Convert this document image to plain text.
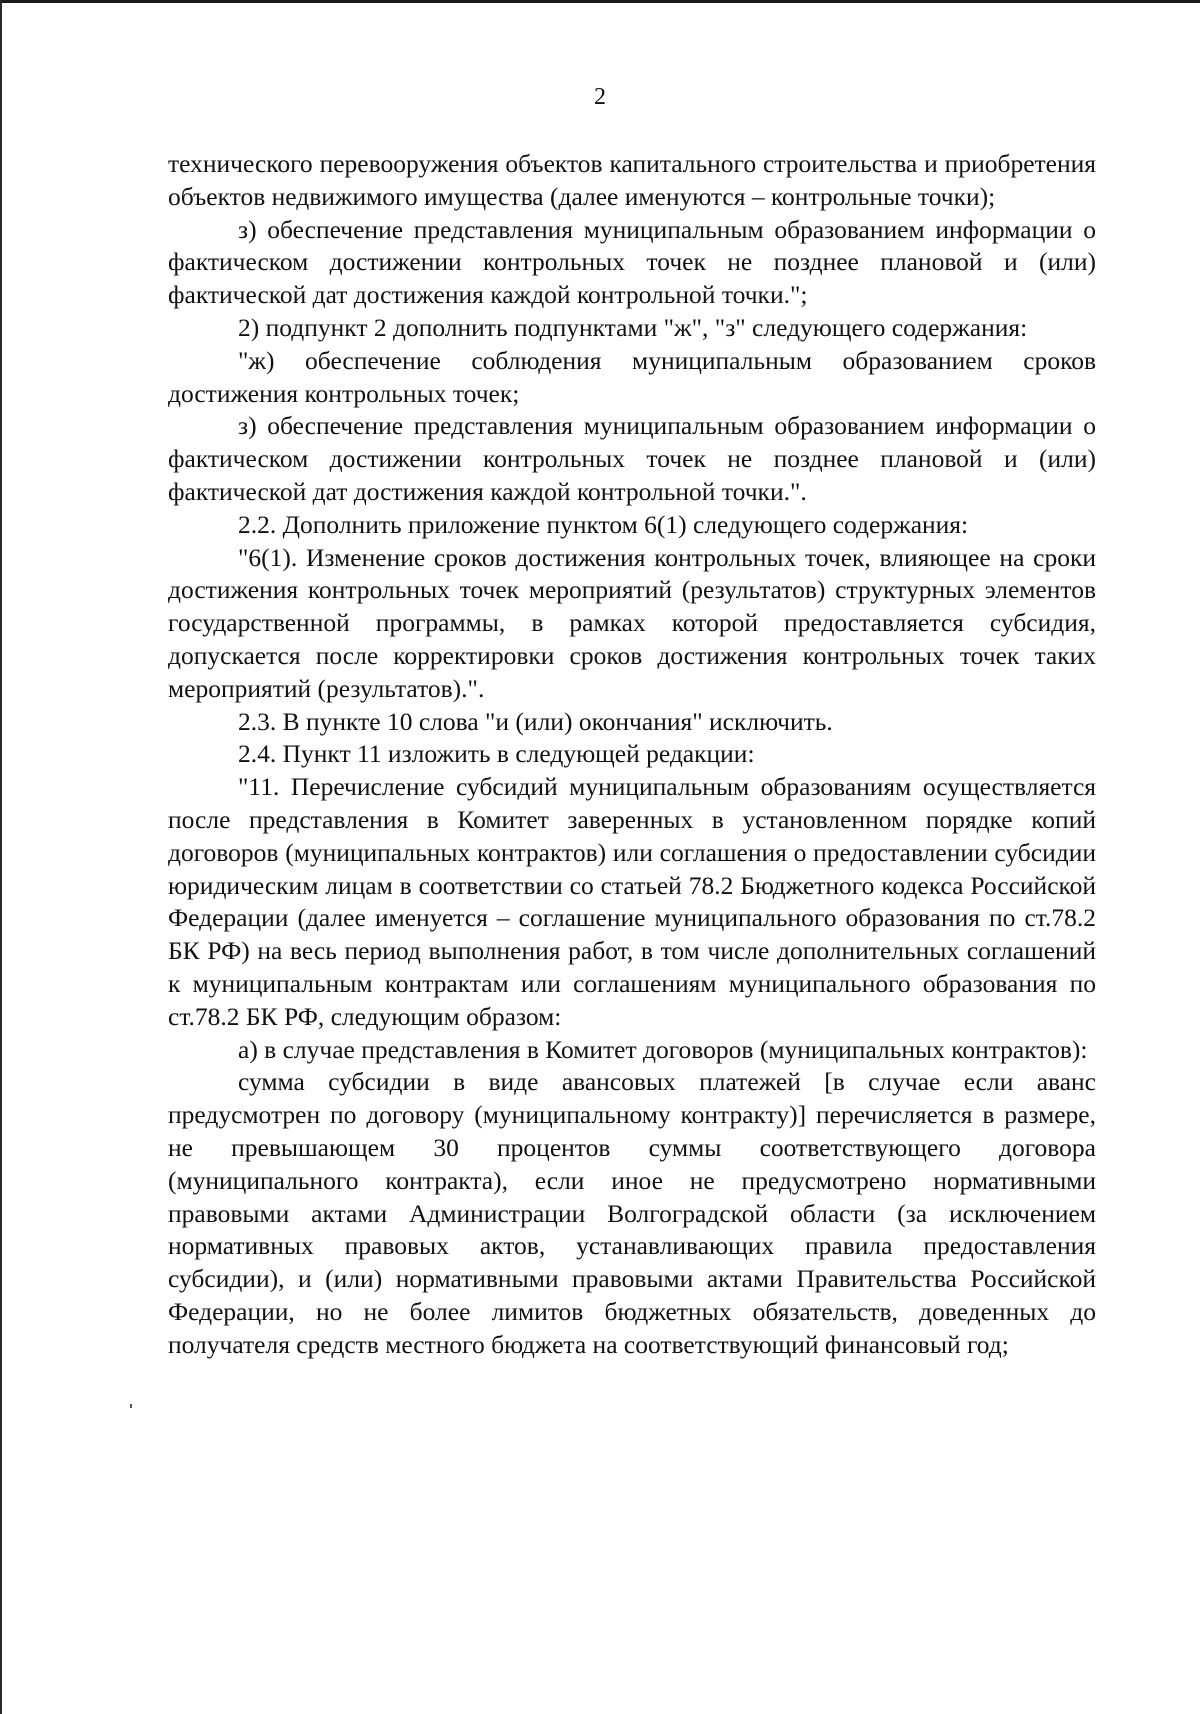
2

технического перевооружения объектов капитального строительства и приобретения объектов недвижимого имущества (далее именуются – контрольные точки);

з) обеспечение представления муниципальным образованием информации о фактическом достижении контрольных точек не позднее плановой и (или) фактической дат достижения каждой контрольной точки.";

2) подпункт 2 дополнить подпунктами "ж", "з" следующего содержания:

"ж) обеспечение соблюдения муниципальным образованием сроков достижения контрольных точек;

з) обеспечение представления муниципальным образованием информации о фактическом достижении контрольных точек не позднее плановой и (или) фактической дат достижения каждой контрольной точки.".

2.2. Дополнить приложение пунктом 6(1) следующего содержания:

"6(1). Изменение сроков достижения контрольных точек, влияющее на сроки достижения контрольных точек мероприятий (результатов) структурных элементов государственной программы, в рамках которой предоставляется субсидия, допускается после корректировки сроков достижения контрольных точек таких мероприятий (результатов).".

2.3. В пункте 10 слова "и (или) окончания" исключить.

2.4. Пункт 11 изложить в следующей редакции:

"11. Перечисление субсидий муниципальным образованиям осуществляется после представления в Комитет заверенных в установленном порядке копий договоров (муниципальных контрактов) или соглашения о предоставлении субсидии юридическим лицам в соответствии со статьей 78.2 Бюджетного кодекса Российской Федерации (далее именуется – соглашение муниципального образования по ст.78.2 БК РФ) на весь период выполнения работ, в том числе дополнительных соглашений к муниципальным контрактам или соглашениям муниципального образования по ст.78.2 БК РФ, следующим образом:

а) в случае представления в Комитет договоров (муниципальных контрактов):

сумма субсидии в виде авансовых платежей [в случае если аванс предусмотрен по договору (муниципальному контракту)] перечисляется в размере, не превышающем 30 процентов суммы соответствующего договора (муниципального контракта), если иное не предусмотрено нормативными правовыми актами Администрации Волгоградской области (за исключением нормативных правовых актов, устанавливающих правила предоставления субсидии), и (или) нормативными правовыми актами Правительства Российской Федерации, но не более лимитов бюджетных обязательств, доведенных до получателя средств местного бюджета на соответствующий финансовый год;
